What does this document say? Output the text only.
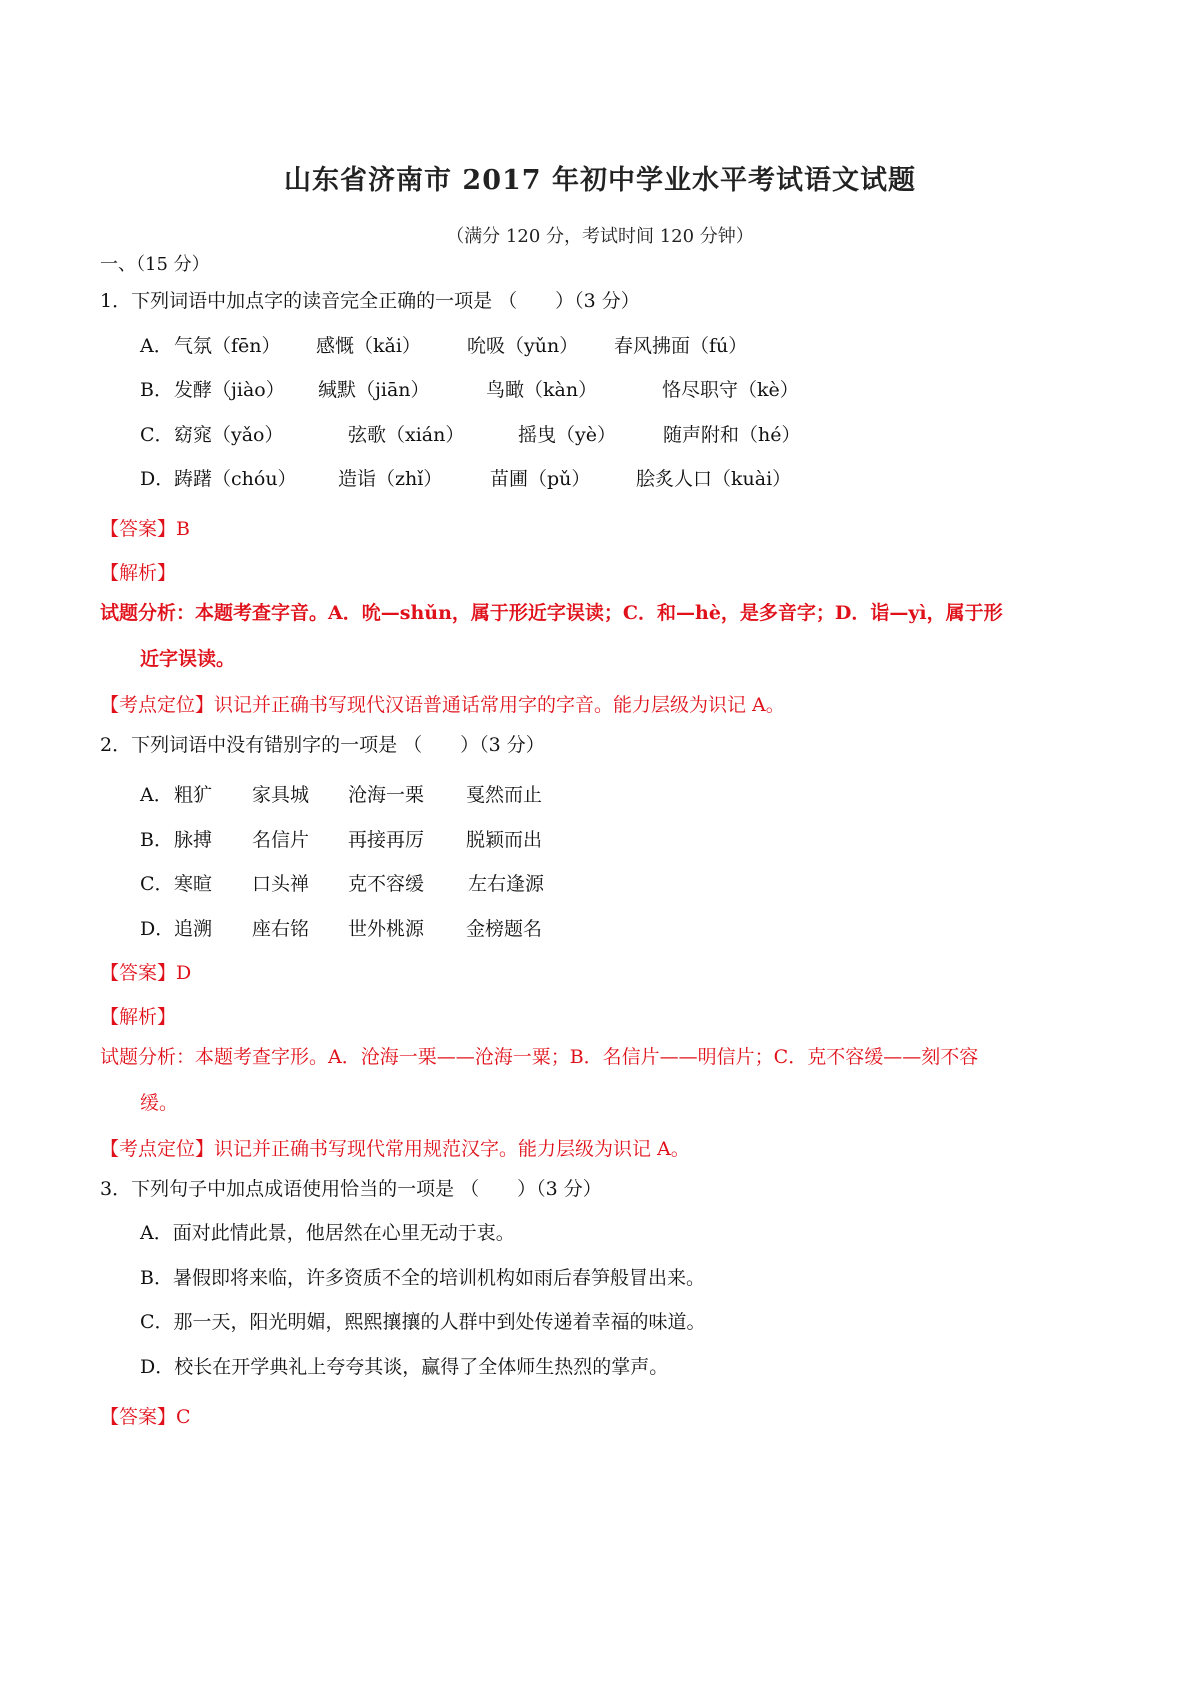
山东省济南市 2017 年初中学业水平考试语文试题
（满分 120 分，考试时间 120 分钟）
一、（15 分）
1．下列词语中加点字的读音完全正确的一项是 （　　）（3 分）
A． 气氛（fēn） 感慨（kǎi） 吮吸（yǔn） 春风拂面（fú）
B． 发酵（jiào） 缄默（jiān）	鸟瞰（kàn）	恪尽职守（kè）
C． 窈窕（yǎo）	弦歌（xián）	摇曳（yè） 随声附和（hé）
D． 踌躇（chóu） 造诣（zhǐ）	苗圃（pǔ） 脍炙人口（kuài）
【答案】B
【解析】
试题分析：本题考查字音。A．吮—shǔn，属于形近字误读；C．和—hè，是多音字；D．诣—yì，属于形近字误读。
【考点定位】识记并正确书写现代汉语普通话常用字的字音。能力层级为识记 A。
2．下列词语中没有错别字的一项是 （　　）（3 分）
A． 粗犷 家具城 沧海一栗 戛然而止
B． 脉搏 名信片 再接再厉 脱颖而出
C． 寒暄 口头禅 克不容缓 左右逢源
D． 追溯 座右铭 世外桃源 金榜题名
【答案】D
【解析】
试题分析：本题考查字形。A．沧海一栗——沧海一粟；B．名信片——明信片；C．克不容缓——刻不容缓。
【考点定位】识记并正确书写现代常用规范汉字。能力层级为识记 A。
3．下列句子中加点成语使用恰当的一项是 （　　）（3 分）
A．面对此情此景，他居然在心里无动于衷。
B．暑假即将来临，许多资质不全的培训机构如雨后春笋般冒出来。
C．那一天，阳光明媚，熙熙攘攘的人群中到处传递着幸福的味道。
D．校长在开学典礼上夸夸其谈，赢得了全体师生热烈的掌声。
【答案】C
